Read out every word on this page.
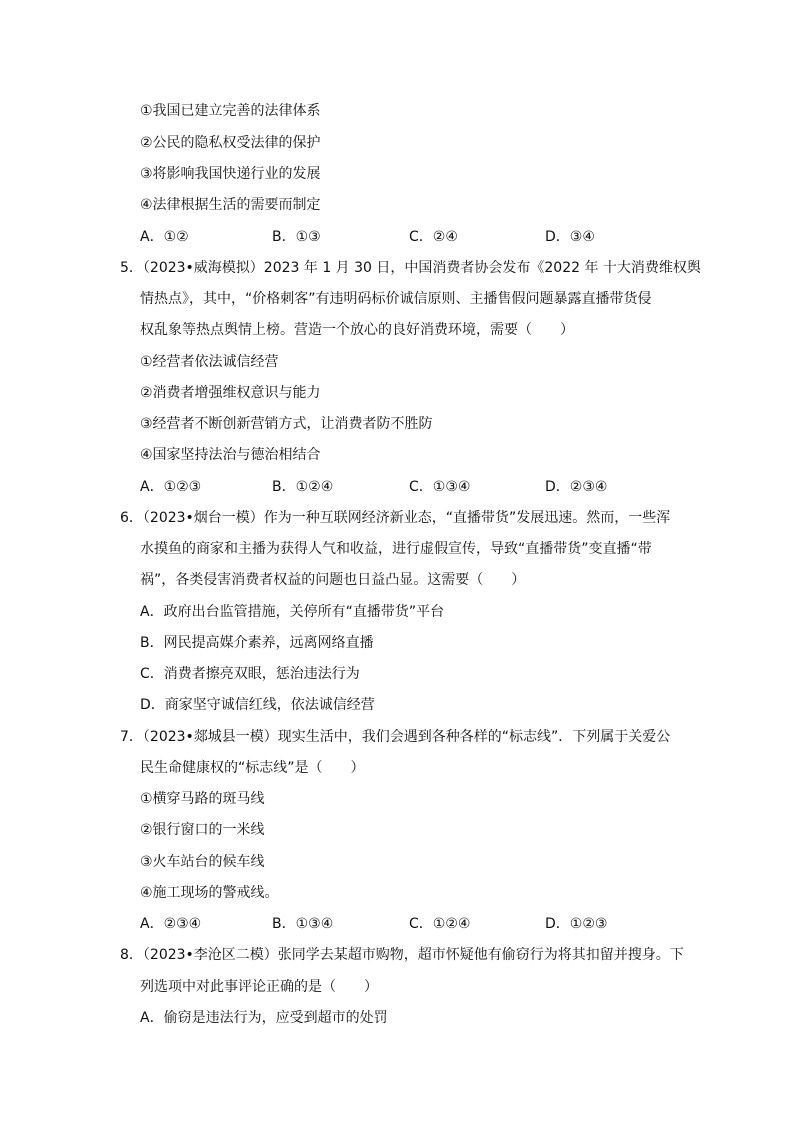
①我国已建立完善的法律体系
②公民的隐私权受法律的保护
③将影响我国快递行业的发展
④法律根据生活的需要而制定
A．①②	B．①③	C．②④	D．③④
5．（2023•威海模拟）2023 年 1 月 30 日，中国消费者协会发布《2022 年 十大消费维权舆
情热点》，其中，“价格刺客”有违明码标价诚信原则、主播售假问题暴露直播带货侵
权乱象等热点舆情上榜。营造一个放心的良好消费环境，需要（　　）
①经营者依法诚信经营
②消费者增强维权意识与能力
③经营者不断创新营销方式，让消费者防不胜防
④国家坚持法治与德治相结合
A．①②③	B．①②④	C．①③④	D．②③④
6．（2023•烟台一模）作为一种互联网经济新业态，“直播带货”发展迅速。然而，一些浑
水摸鱼的商家和主播为获得人气和收益，进行虚假宣传，导致“直播带货”变直播“带
祸”，各类侵害消费者权益的问题也日益凸显。这需要（　　）
A．政府出台监管措施，关停所有“直播带货”平台
B．网民提高媒介素养，远离网络直播
C．消费者擦亮双眼，惩治违法行为
D．商家坚守诚信红线，依法诚信经营
7．（2023•郯城县一模）现实生活中，我们会遇到各种各样的“标志线”．下列属于关爱公
民生命健康权的“标志线”是（　　）
①横穿马路的斑马线
②银行窗口的一米线
③火车站台的候车线
④施工现场的警戒线。
A．②③④	B．①③④	C．①②④	D．①②③
8．（2023•李沧区二模）张同学去某超市购物，超市怀疑他有偷窃行为将其扣留并搜身。下
列选项中对此事评论正确的是（　　）
A．偷窃是违法行为，应受到超市的处罚
